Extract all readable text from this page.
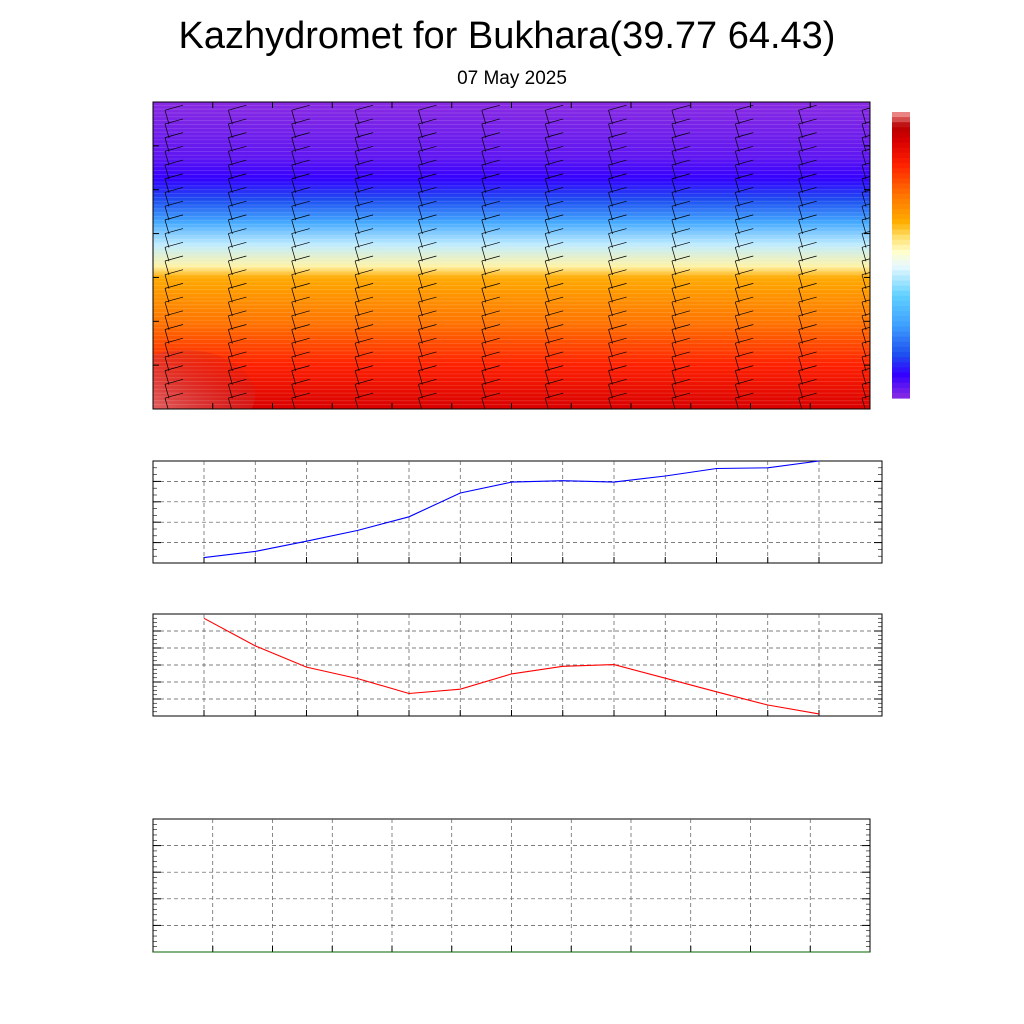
Kazhydromet for Bukhara(39.77 64.43)
07 May 2025
